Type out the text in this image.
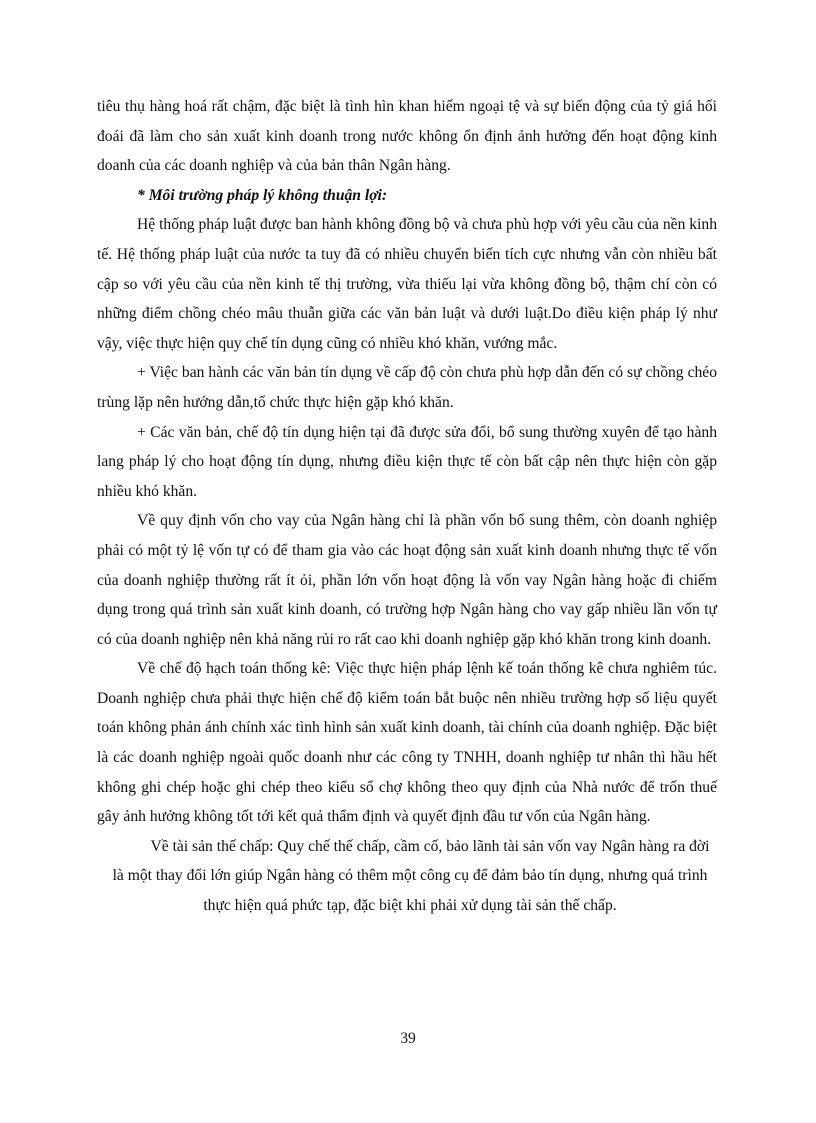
tiêu thụ hàng hoá rất chậm, đặc biệt là tình hìn khan hiếm ngoại tệ và sự biến động của tỷ giá hối đoái đã làm cho sản xuất kinh doanh trong nước không ổn định ảnh hưởng đến hoạt động kinh doanh của các doanh nghiệp và của bản thân Ngân hàng.

* Môi trường pháp lý không thuận lợi:

Hệ thống pháp luật được ban hành không đồng bộ và chưa phù hợp với yêu cầu của nền kinh tế. Hệ thống pháp luật của nước ta tuy đã có nhiều chuyển biến tích cực nhưng vẫn còn nhiều bất cập so với yêu cầu của nền kinh tế thị trường, vừa thiếu lại vừa không đồng bộ, thậm chí còn có những điểm chồng chéo mâu thuẫn giữa các văn bản luật và dưới luật.Do điều kiện pháp lý như vậy, việc thực hiện quy chế tín dụng cũng có nhiều khó khăn, vướng mắc.

+ Việc ban hành các văn bản tín dụng về cấp độ còn chưa phù hợp dẫn đến có sự chồng chéo trùng lặp nên hướng dẫn,tổ chức thực hiện gặp khó khăn.

+ Các văn bản, chế độ tín dụng hiện tại đã được sửa đổi, bổ sung thường xuyên để tạo hành lang pháp lý cho hoạt động tín dụng, nhưng điều kiện thực tế còn bất cập nên thực hiện còn gặp nhiều khó khăn.

Về quy định vốn cho vay của Ngân hàng chỉ là phần vốn bổ sung thêm, còn doanh nghiệp phải có một tỷ lệ vốn tự có để tham gia vào các hoạt động sản xuất kinh doanh nhưng thực tế vốn của doanh nghiệp thường rất ít ỏi, phần lớn vốn hoạt động là vốn vay Ngân hàng hoặc đi chiếm dụng trong quá trình sản xuất kinh doanh, có trường hợp Ngân hàng cho vay gấp nhiều lần vốn tự có của doanh nghiệp nên khả năng rủi ro rất cao khi doanh nghiệp gặp khó khăn trong kinh doanh.

Về chế độ hạch toán thống kê: Việc thực hiện pháp lệnh kế toán thống kê chưa nghiêm túc. Doanh nghiệp chưa phải thực hiện chế độ kiểm toán bắt buộc nên nhiều trường hợp số liệu quyết toán không phản ánh chính xác tình hình sản xuất kinh doanh, tài chính của doanh nghiệp. Đặc biệt là các doanh nghiệp ngoài quốc doanh như các công ty TNHH, doanh nghiệp tư nhân thì hầu hết không ghi chép hoặc ghi chép theo kiểu sổ chợ không theo quy định của Nhà nước để trốn thuế gây ảnh hưởng không tốt tới kết quả thẩm định và quyết định đầu tư vốn của Ngân hàng.

Về tài sản thế chấp: Quy chế thế chấp, cầm cố, bảo lãnh tài sản vốn vay Ngân hàng ra đời là một thay đổi lớn giúp Ngân hàng có thêm một công cụ để đảm bảo tín dụng, nhưng quá trình thực hiện quá phức tạp, đặc biệt khi phải xử dụng tài sản thế chấp.

39
